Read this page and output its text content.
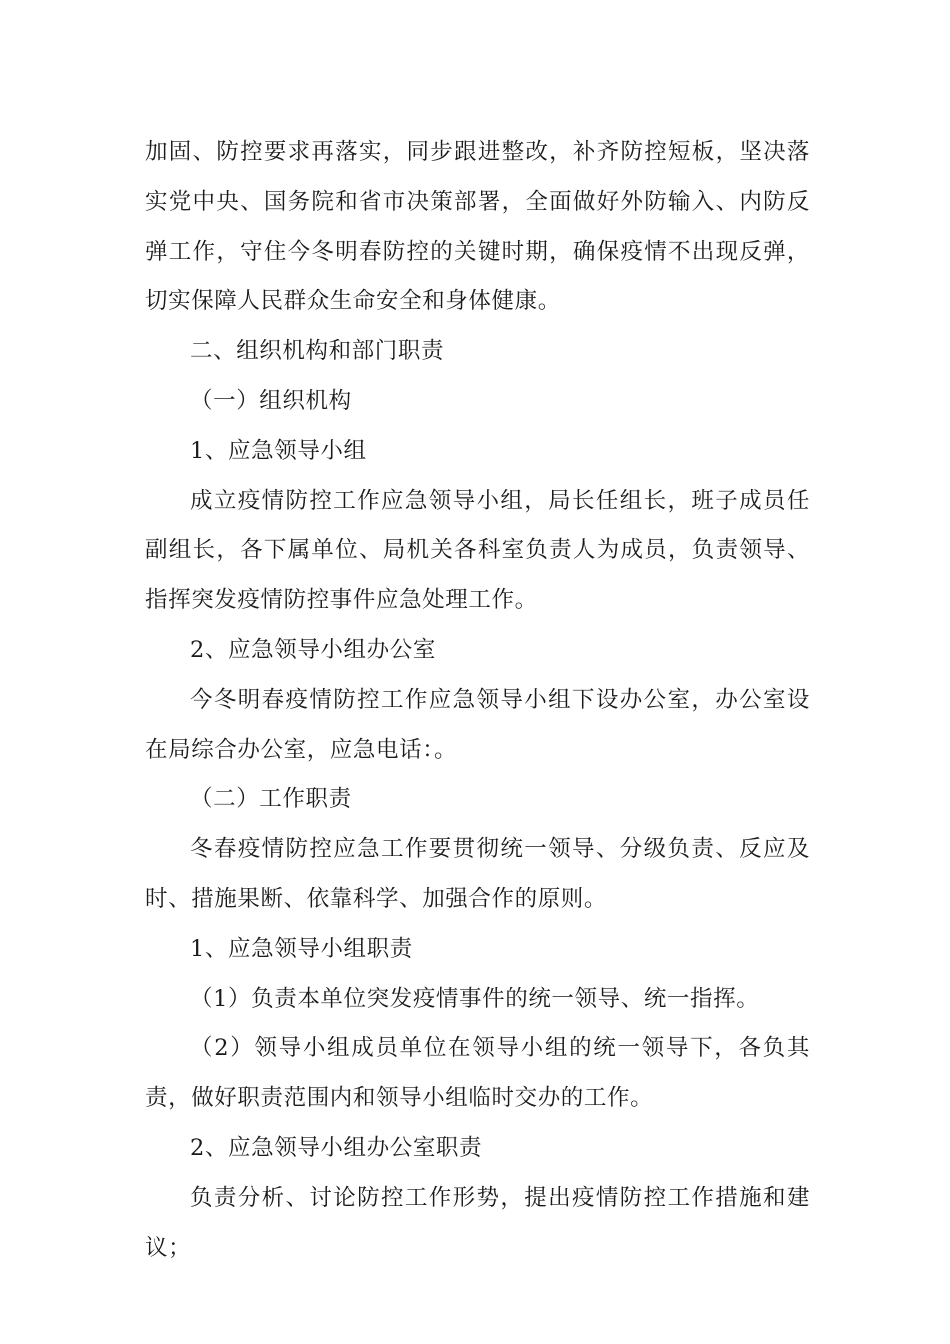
加固、防控要求再落实，同步跟进整改，补齐防控短板，坚决落实党中央、国务院和省市决策部署，全面做好外防输入、内防反弹工作，守住今冬明春防控的关键时期，确保疫情不出现反弹，切实保障人民群众生命安全和身体健康。

二、组织机构和部门职责

（一）组织机构

1、应急领导小组

成立疫情防控工作应急领导小组，局长任组长，班子成员任副组长，各下属单位、局机关各科室负责人为成员，负责领导、指挥突发疫情防控事件应急处理工作。

2、应急领导小组办公室

今冬明春疫情防控工作应急领导小组下设办公室，办公室设在局综合办公室，应急电话：。

（二）工作职责

冬春疫情防控应急工作要贯彻统一领导、分级负责、反应及时、措施果断、依靠科学、加强合作的原则。

1、应急领导小组职责

（1）负责本单位突发疫情事件的统一领导、统一指挥。

（2）领导小组成员单位在领导小组的统一领导下，各负其责，做好职责范围内和领导小组临时交办的工作。

2、应急领导小组办公室职责

负责分析、讨论防控工作形势，提出疫情防控工作措施和建议；
